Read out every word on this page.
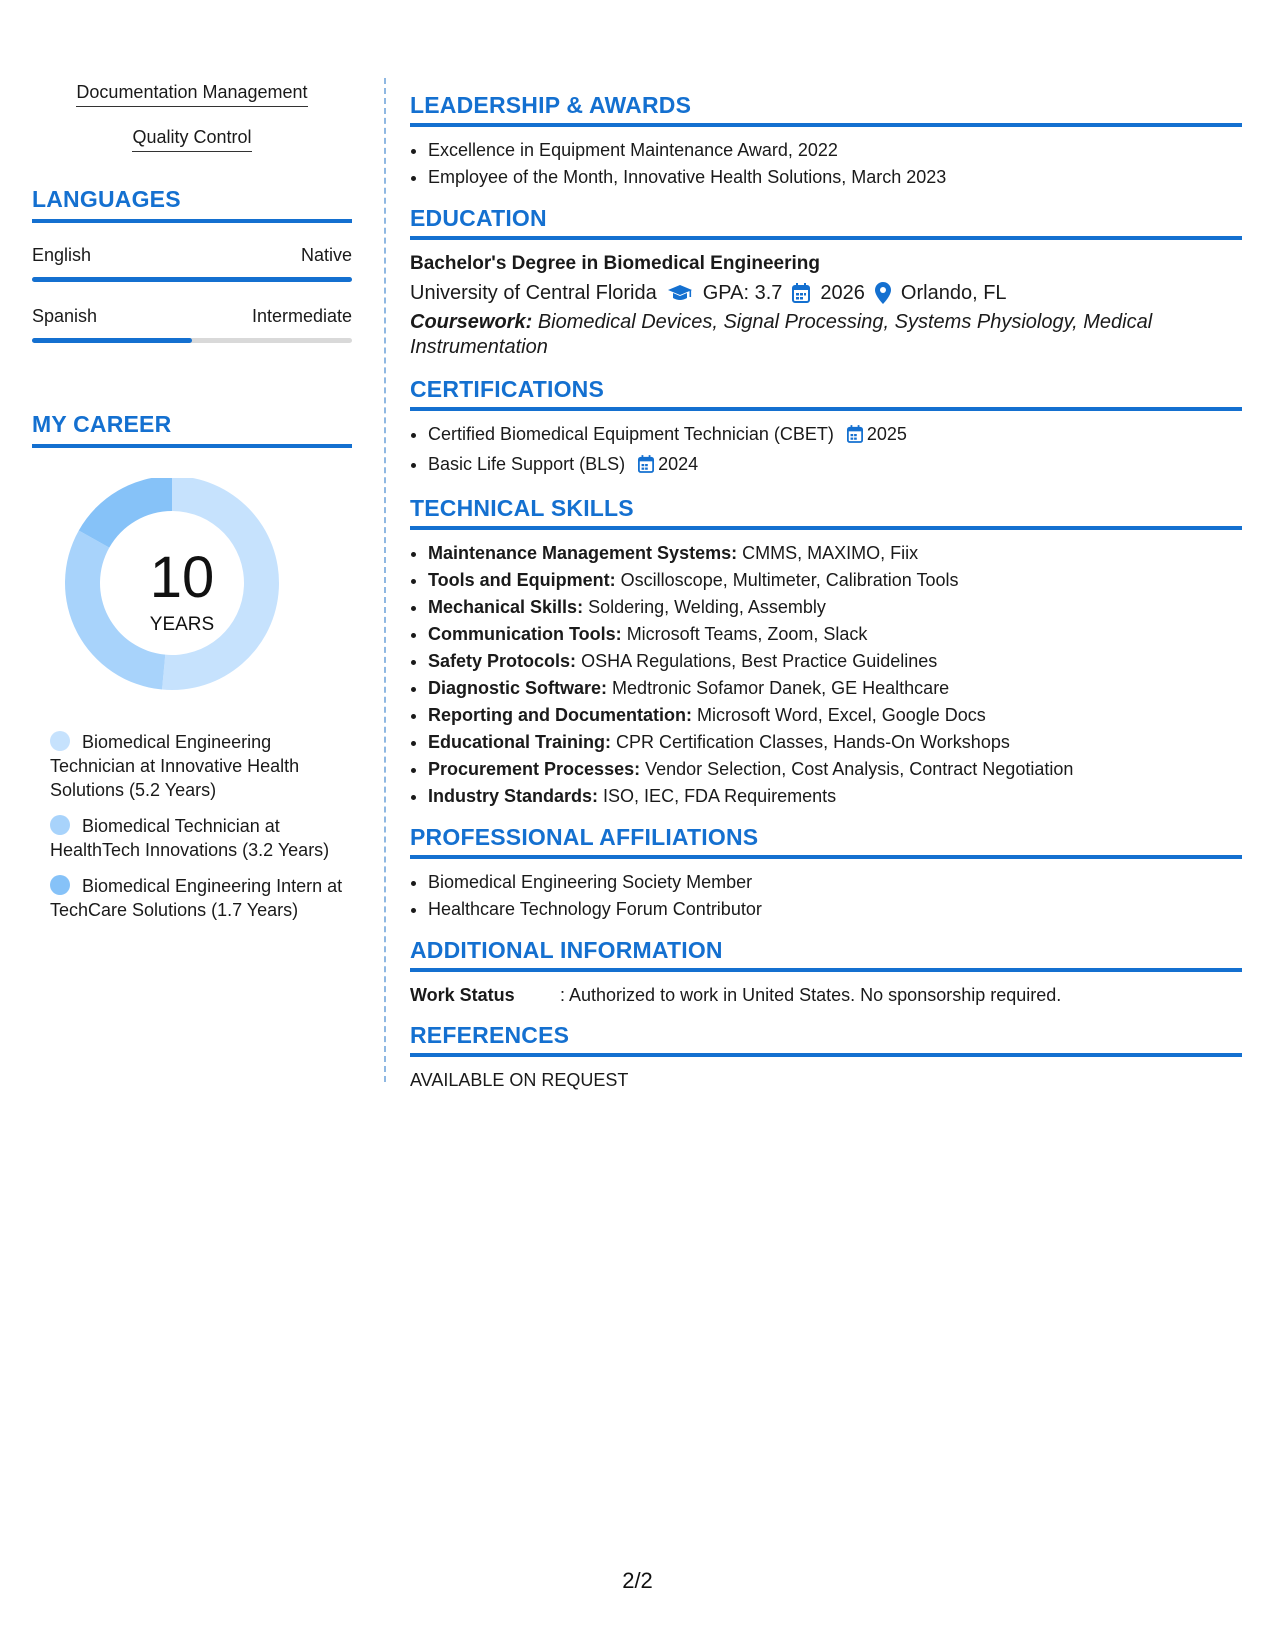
Documentation Management
Quality Control
LANGUAGES
English	Native
Spanish	Intermediate
MY CAREER
10
YEARS
Biomedical Engineering Technician at Innovative Health Solutions (5.2 Years)
Biomedical Technician at HealthTech Innovations (3.2 Years)
Biomedical Engineering Intern at TechCare Solutions (1.7 Years)
LEADERSHIP & AWARDS
• Excellence in Equipment Maintenance Award, 2022
• Employee of the Month, Innovative Health Solutions, March 2023
EDUCATION
Bachelor's Degree in Biomedical Engineering
University of Central Florida GPA: 3.7 2026 Orlando, FL
Coursework: Biomedical Devices, Signal Processing, Systems Physiology, Medical Instrumentation
CERTIFICATIONS
• Certified Biomedical Equipment Technician (CBET) 2025
• Basic Life Support (BLS) 2024
TECHNICAL SKILLS
• Maintenance Management Systems: CMMS, MAXIMO, Fiix
• Tools and Equipment: Oscilloscope, Multimeter, Calibration Tools
• Mechanical Skills: Soldering, Welding, Assembly
• Communication Tools: Microsoft Teams, Zoom, Slack
• Safety Protocols: OSHA Regulations, Best Practice Guidelines
• Diagnostic Software: Medtronic Sofamor Danek, GE Healthcare
• Reporting and Documentation: Microsoft Word, Excel, Google Docs
• Educational Training: CPR Certification Classes, Hands-On Workshops
• Procurement Processes: Vendor Selection, Cost Analysis, Contract Negotiation
• Industry Standards: ISO, IEC, FDA Requirements
PROFESSIONAL AFFILIATIONS
• Biomedical Engineering Society Member
• Healthcare Technology Forum Contributor
ADDITIONAL INFORMATION
Work Status	: Authorized to work in United States. No sponsorship required.
REFERENCES
AVAILABLE ON REQUEST
2/2
